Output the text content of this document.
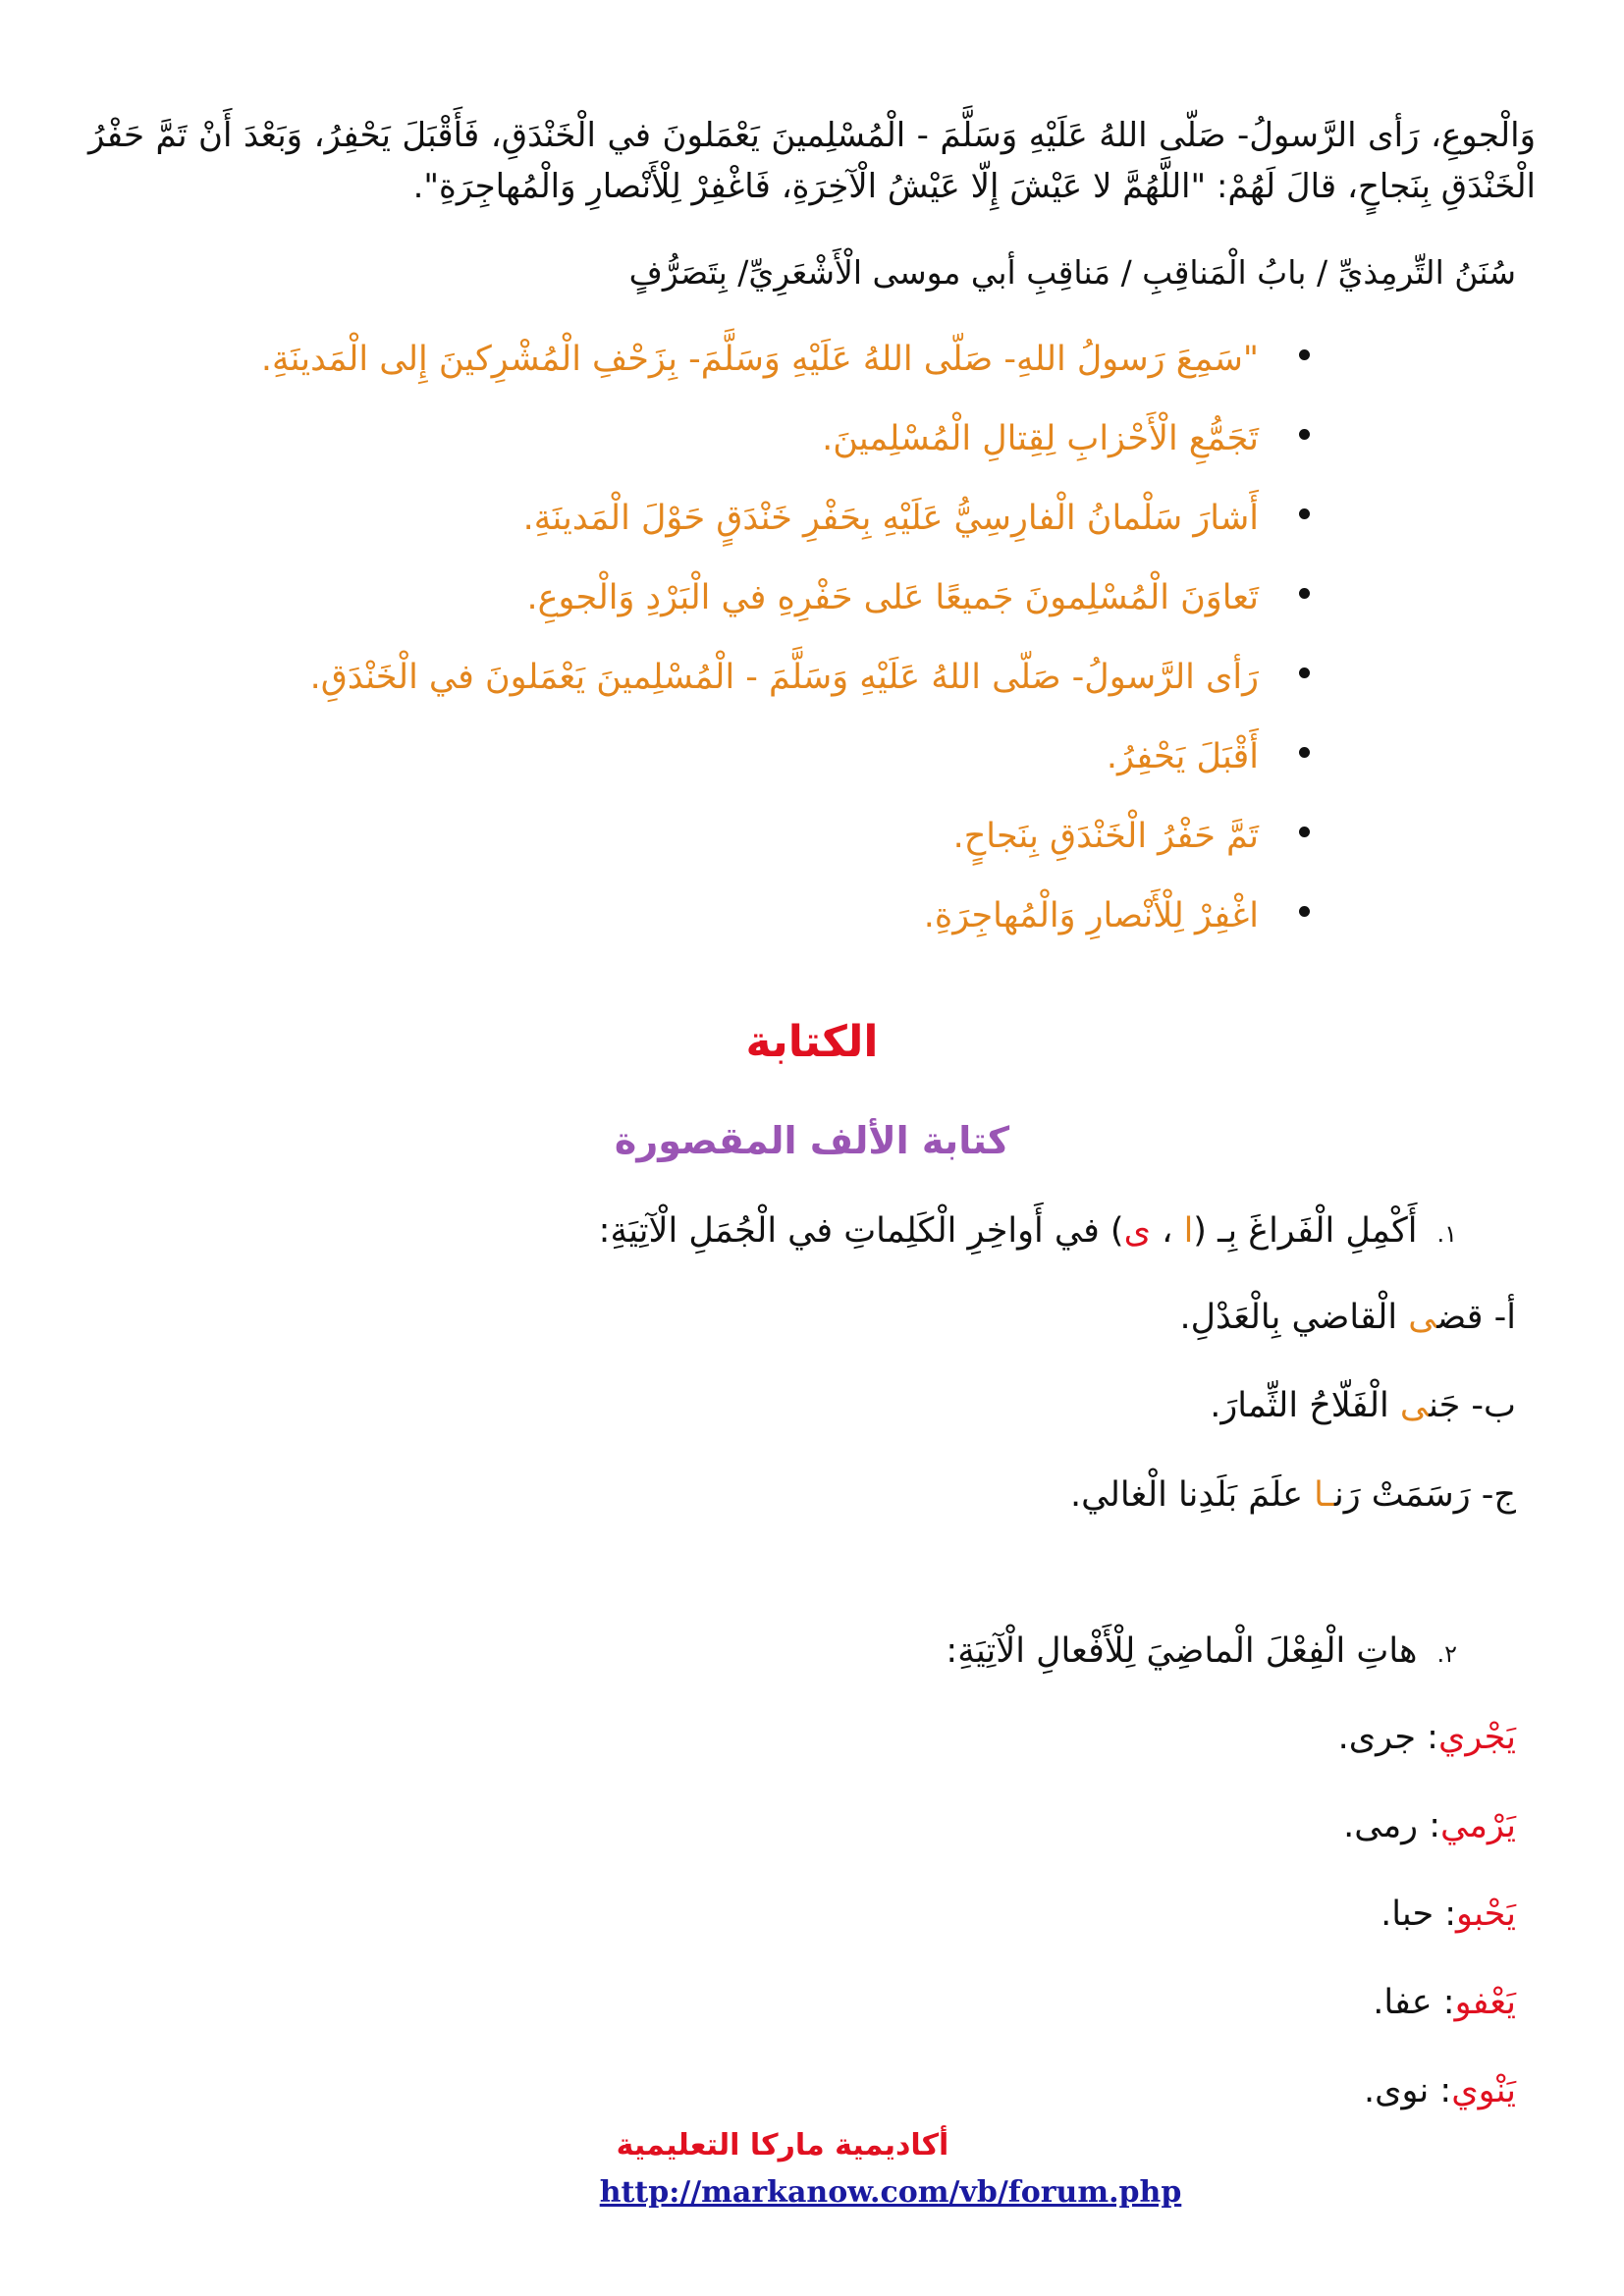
وَالْجوعِ، رَأى الرَّسولُ- صَلّى اللهُ عَلَيْهِ وَسَلَّمَ - الْمُسْلِمينَ يَعْمَلونَ في الْخَنْدَقِ، فَأَقْبَلَ يَحْفِرُ، وَبَعْدَ أَنْ تَمَّ حَفْرُ الْخَنْدَقِ بِنَجاحٍ، قالَ لَهُمْ: "اللَّهُمَّ لا عَيْشَ إِلّا عَيْشُ الْآخِرَةِ، فَاغْفِرْ لِلْأَنْصارِ وَالْمُهاجِرَةِ".

سُنَنُ التِّرمِذيِّ / بابُ الْمَناقِبِ / مَناقِبِ أبي موسى الْأَشْعَرِيِّ/ بِتَصَرُّفٍ

"سَمِعَ رَسولُ اللهِ- صَلّى اللهُ عَلَيْهِ وَسَلَّمَ- بِزَحْفِ الْمُشْرِكينَ إِلى الْمَدينَةِ.
تَجَمُّعِ الْأَحْزابِ لِقِتالِ الْمُسْلِمينَ.
أَشارَ سَلْمانُ الْفارِسِيُّ عَلَيْهِ بِحَفْرِ خَنْدَقٍ حَوْلَ الْمَدينَةِ.
تَعاوَنَ الْمُسْلِمونَ جَميعًا عَلى حَفْرِهِ في الْبَرْدِ وَالْجوعِ.
رَأى الرَّسولُ- صَلّى اللهُ عَلَيْهِ وَسَلَّمَ - الْمُسْلِمينَ يَعْمَلونَ في الْخَنْدَقِ.
أَقْبَلَ يَحْفِرُ.
تَمَّ حَفْرُ الْخَنْدَقِ بِنَجاحٍ.
اغْفِرْ لِلْأَنْصارِ وَالْمُهاجِرَةِ.
الكتابة
كتابة الألف المقصورة

١.أَكْمِلِ الْفَراغَ بِـ (ا ، ى) في أَواخِرِ الْكَلِماتِ في الْجُمَلِ الْآتِيَةِ:

أ- قضى الْقاضي بِالْعَدْلِ.

ب- جَنى الْفَلّاحُ الثِّمارَ.

ج- رَسَمَتْ رَنـا علَمَ بَلَدِنا الْغالي.

٢.هاتِ الْفِعْلَ الْماضِيَ لِلْأَفْعالِ الْآتِيَةِ:

يَجْري: جرى.

يَرْمي: رمى.

يَحْبو: حبا.

يَعْفو: عفا.

يَنْوي: نوى.

أكاديمية ماركا التعليمية

http://markanow.com/vb/forum.php
